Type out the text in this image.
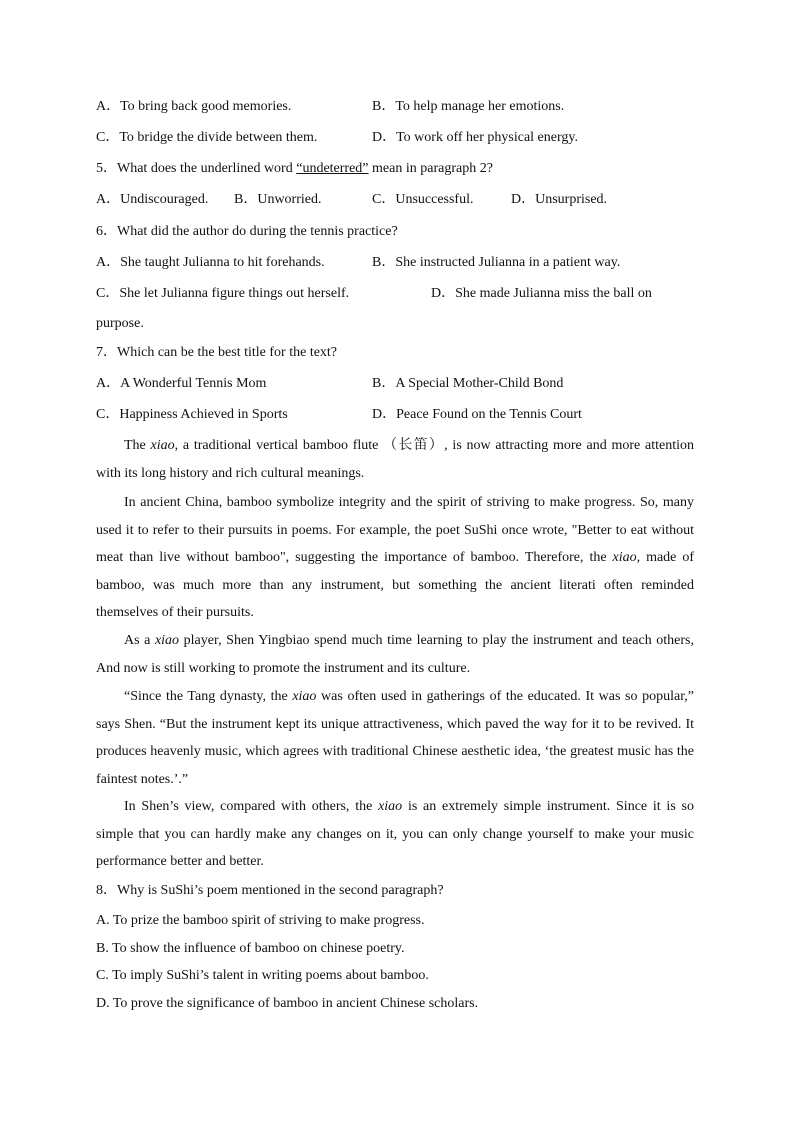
A．To bring back good memories.	B．To help manage her emotions.
C．To bridge the divide between them.	D．To work off her physical energy.
5．What does the underlined word “undeterred” mean in paragraph 2?
A．Undiscouraged. B．Unworried.	C．Unsuccessful.	D．Unsurprised.
6．What did the author do during the tennis practice?
A．She taught Julianna to hit forehands.	B．She instructed Julianna in a patient way.
C．She let Julianna figure things out herself.	D．She made Julianna miss the ball on
purpose.
7．Which can be the best title for the text?
A．A Wonderful Tennis Mom	B．A Special Mother-Child Bond
C．Happiness Achieved in Sports	D．Peace Found on the Tennis Court
The xiao, a traditional vertical bamboo flute （长笛）, is now attracting more and more attention with its long history and rich cultural meanings.
In ancient China, bamboo symbolize integrity and the spirit of striving to make progress. So, many used it to refer to their pursuits in poems. For example, the poet SuShi once wrote, "Better to eat without meat than live without bamboo", suggesting the importance of bamboo. Therefore, the xiao, made of bamboo, was much more than any instrument, but something the ancient literati often reminded themselves of their pursuits.
As a xiao player, Shen Yingbiao spend much time learning to play the instrument and teach others, And now is still working to promote the instrument and its culture.
“Since the Tang dynasty, the xiao was often used in gatherings of the educated. It was so popular,” says Shen. “But the instrument kept its unique attractiveness, which paved the way for it to be revived. It produces heavenly music, which agrees with traditional Chinese aesthetic idea, ‘the greatest music has the faintest notes.’.”
In Shen’s view, compared with others, the xiao is an extremely simple instrument. Since it is so simple that you can hardly make any changes on it, you can only change yourself to make your music performance better and better.
8．Why is SuShi’s poem mentioned in the second paragraph?
A. To prize the bamboo spirit of striving to make progress.
B. To show the influence of bamboo on chinese poetry.
C. To imply SuShi’s talent in writing poems about bamboo.
D. To prove the significance of bamboo in ancient Chinese scholars.
